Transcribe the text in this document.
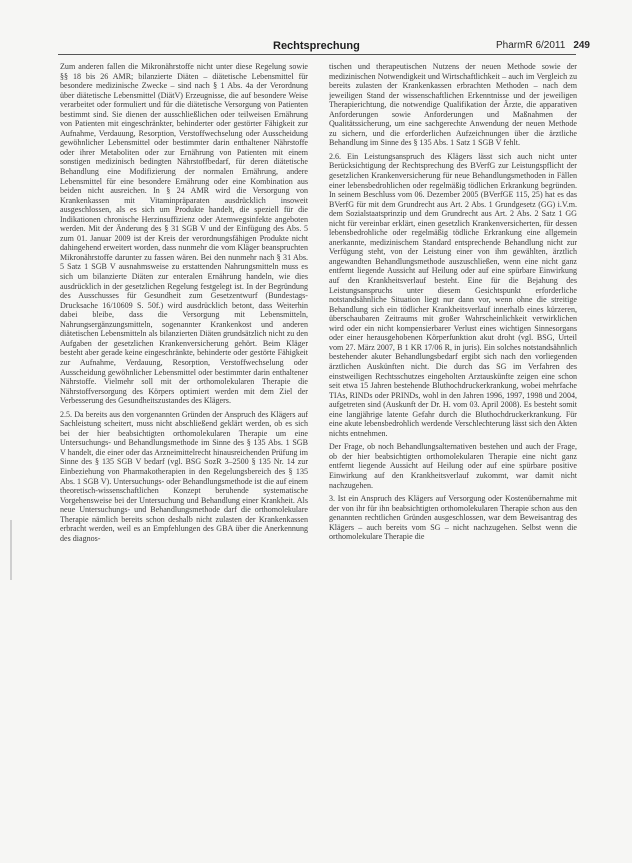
Rechtsprechung	PharmR 6/2011 249

Zum anderen fallen die Mikronährstoffe nicht unter diese Regelung sowie §§ 18 bis 26 AMR; bilanzierte Diäten – diätetische Lebensmittel für besondere medizinische Zwecke – sind nach § 1 Abs. 4a der Verordnung über diätetische Lebensmittel (DiätV) Erzeugnisse, die auf besondere Weise verarbeitet oder formuliert und für die diätetische Versorgung von Patienten bestimmt sind. Sie dienen der ausschließlichen oder teilweisen Ernährung von Patienten mit eingeschränkter, behinderter oder gestörter Fähigkeit zur Aufnahme, Verdauung, Resorption, Verstoffwechselung oder Ausscheidung gewöhnlicher Lebensmittel oder bestimmter darin enthaltener Nährstoffe oder ihrer Metaboliten oder zur Ernährung von Patienten mit einem sonstigen medizinisch bedingten Nährstoffbedarf, für deren diätetische Behandlung eine Modifizierung der normalen Ernährung, andere Lebensmittel für eine besondere Ernährung oder eine Kombination aus beiden nicht ausreichen. In § 24 AMR wird die Versorgung von Krankenkassen mit Vitaminpräparaten ausdrücklich insoweit ausgeschlossen, als es sich um Produkte handelt, die speziell für die Indikationen chronische Herzinsuffizienz oder Atemwegsinfekte angeboten werden. Mit der Änderung des § 31 SGB V und der Einfügung des Abs. 5 zum 01. Januar 2009 ist der Kreis der verordnungsfähigen Produkte nicht dahingehend erweitert worden, dass nunmehr die vom Kläger beanspruchten Mikronährstoffe darunter zu fassen wären. Bei den nunmehr nach § 31 Abs. 5 Satz 1 SGB V ausnahmsweise zu erstattenden Nahrungsmitteln muss es sich um bilanzierte Diäten zur enteralen Ernährung handeln, wie dies ausdrücklich in der gesetzlichen Regelung festgelegt ist. In der Begründung des Ausschusses für Gesundheit zum Gesetzentwurf (Bundestags-Drucksache 16/10609 S. 50f.) wird ausdrücklich betont, dass Weiterhin dabei bleibe, dass die Versorgung mit Lebensmitteln, Nahrungsergänzungsmitteln, sogenannter Krankenkost und anderen diätetischen Lebensmitteln als bilanzierten Diäten grundsätzlich nicht zu den Aufgaben der gesetzlichen Krankenversicherung gehört. Beim Kläger besteht aber gerade keine eingeschränkte, behinderte oder gestörte Fähigkeit zur Aufnahme, Verdauung, Resorption, Verstoffwechselung oder Ausscheidung gewöhnlicher Lebensmittel oder bestimmter darin enthaltener Nährstoffe. Vielmehr soll mit der orthomolekularen Therapie die Nährstoffversorgung des Körpers optimiert werden mit dem Ziel der Verbesserung des Gesundheitszustandes des Klägers.

2.5. Da bereits aus den vorgenannten Gründen der Anspruch des Klägers auf Sachleistung scheitert, muss nicht abschließend geklärt werden, ob es sich bei der hier beabsichtigten orthomolekularen Therapie um eine Untersuchungs- und Behandlungsmethode im Sinne des § 135 Abs. 1 SGB V handelt, die einer oder das Arzneimittelrecht hinausreichenden Prüfung im Sinne des § 135 SGB V bedarf (vgl. BSG SozR 3–2500 § 135 Nr. 14 zur Einbeziehung von Pharmakotherapien in den Regelungsbereich des § 135 Abs. 1 SGB V). Untersuchungs- oder Behandlungsmethode ist die auf einem theoretisch-wissenschaftlichen Konzept beruhende systematische Vorgehensweise bei der Untersuchung und Behandlung einer Krankheit. Als neue Untersuchungs- und Behandlungsmethode darf die orthomolekulare Therapie nämlich bereits schon deshalb nicht zulasten der Krankenkassen erbracht werden, weil es an Empfehlungen des GBA über die Anerkennung des diagnos-

tischen und therapeutischen Nutzens der neuen Methode sowie der medizinischen Notwendigkeit und Wirtschaftlichkeit – auch im Vergleich zu bereits zulasten der Krankenkassen erbrachten Methoden – nach dem jeweiligen Stand der wissenschaftlichen Erkenntnisse und der jeweiligen Therapierichtung, die notwendige Qualifikation der Ärzte, die apparativen Anforderungen sowie Anforderungen und Maßnahmen der Qualitätssicherung, um eine sachgerechte Anwendung der neuen Methode zu sichern, und die erforderlichen Aufzeichnungen über die ärztliche Behandlung im Sinne des § 135 Abs. 1 Satz 1 SGB V fehlt.

2.6. Ein Leistungsanspruch des Klägers lässt sich auch nicht unter Berücksichtigung der Rechtsprechung des BVerfG zur Leistungspflicht der gesetzlichen Krankenversicherung für neue Behandlungsmethoden in Fällen einer lebensbedrohlichen oder regelmäßig tödlichen Erkrankung begründen. In seinem Beschluss vom 06. Dezember 2005 (BVerfGE 115, 25) hat es das BVerfG für mit dem Grundrecht aus Art. 2 Abs. 1 Grundgesetz (GG) i.V.m. dem Sozialstaatsprinzip und dem Grundrecht aus Art. 2 Abs. 2 Satz 1 GG nicht für vereinbar erklärt, einen gesetzlich Krankenversicherten, für dessen lebensbedrohliche oder regelmäßig tödliche Erkrankung eine allgemein anerkannte, medizinischem Standard entsprechende Behandlung nicht zur Verfügung steht, von der Leistung einer von ihm gewählten, ärztlich angewandten Behandlungsmethode auszuschließen, wenn eine nicht ganz entfernt liegende Aussicht auf Heilung oder auf eine spürbare Einwirkung auf den Krankheitsverlauf besteht. Eine für die Bejahung des Leistungsanspruchs unter diesem Gesichtspunkt erforderliche notstandsähnliche Situation liegt nur dann vor, wenn ohne die streitige Behandlung sich ein tödlicher Krankheitsverlauf innerhalb eines kürzeren, überschaubaren Zeitraums mit großer Wahrscheinlichkeit verwirklichen wird oder ein nicht kompensierbarer Verlust eines wichtigen Sinnesorgans oder einer herausgehobenen Körperfunktion akut droht (vgl. BSG, Urteil vom 27. März 2007, B 1 KR 17/06 R, in juris). Ein solches notstandsähnlich bestehender akuter Behandlungsbedarf ergibt sich nach den vorliegenden ärztlichen Auskünften nicht. Die durch das SG im Verfahren des einstweiligen Rechtsschutzes eingeholten Arztauskünfte zeigen eine schon seit etwa 15 Jahren bestehende Bluthochdruckerkrankung, wobei mehrfache TIAs, RINDs oder PRINDs, wohl in den Jahren 1996, 1997, 1998 und 2004, aufgetreten sind (Auskunft der Dr. H. vom 03. April 2008). Es besteht somit eine langjährige latente Gefahr durch die Bluthochdruckerkrankung. Für eine akute lebensbedrohlich werdende Verschlechterung lässt sich den Akten nichts entnehmen.

Der Frage, ob noch Behandlungsalternativen bestehen und auch der Frage, ob der hier beabsichtigten orthomolekularen Therapie eine nicht ganz entfernt liegende Aussicht auf Heilung oder auf eine spürbare positive Einwirkung auf den Krankheitsverlauf zukommt, war damit nicht nachzugehen.

3. Ist ein Anspruch des Klägers auf Versorgung oder Kostenübernahme mit der von ihr für ihn beabsichtigten orthomolekularen Therapie schon aus den genannten rechtlichen Gründen ausgeschlossen, war dem Beweisantrag des Klägers – auch bereits vom SG – nicht nachzugehen. Selbst wenn die orthomolekulare Therapie die
